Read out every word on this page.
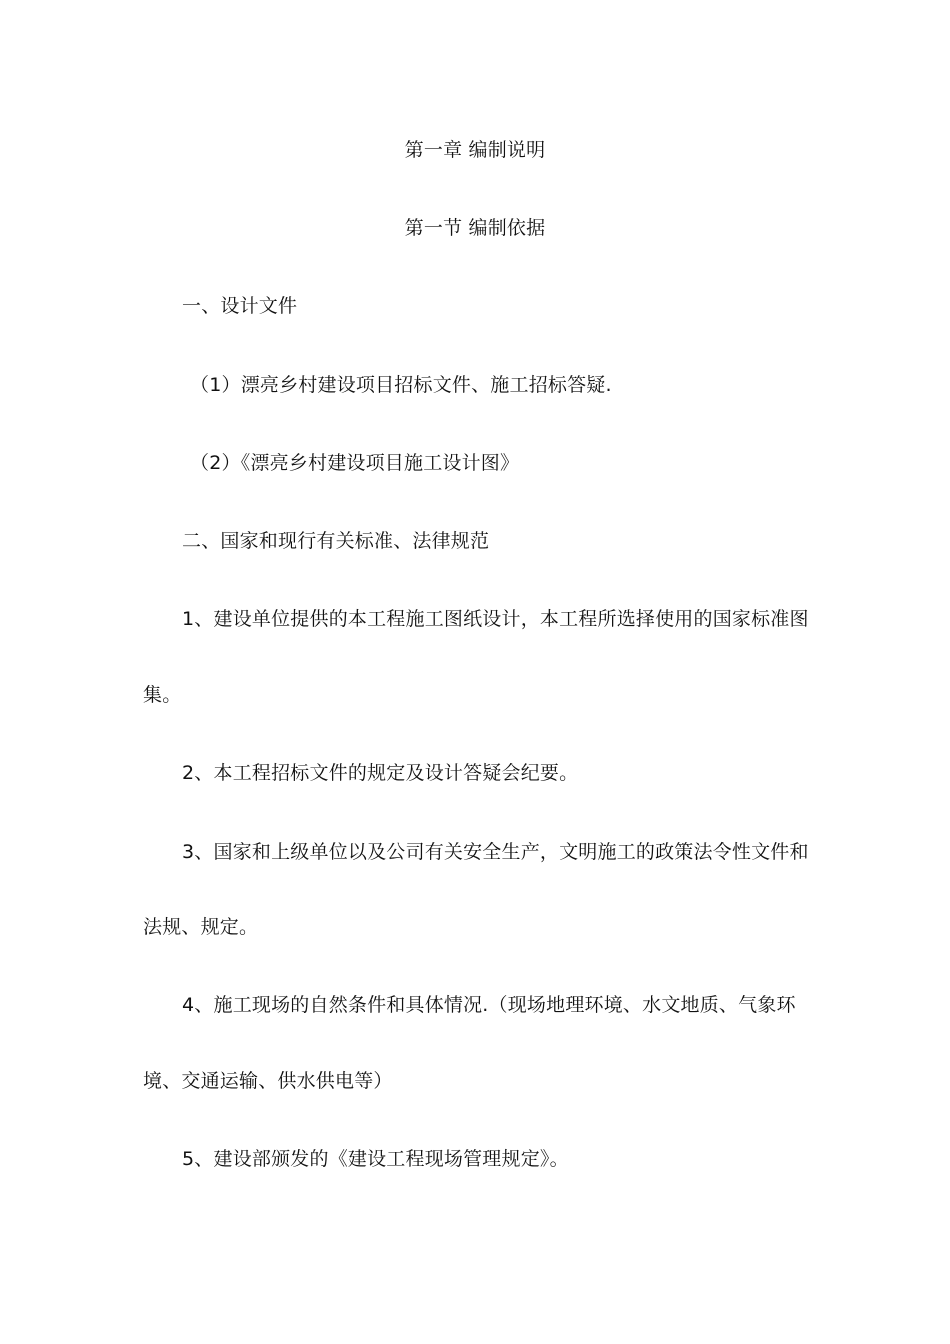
第一章 编制说明
第一节 编制依据
一、设计文件
（1）漂亮乡村建设项目招标文件、施工招标答疑.
（2）《漂亮乡村建设项目施工设计图》
二、国家和现行有关标准、法律规范
1、建设单位提供的本工程施工图纸设计，本工程所选择使用的国家标准图
集。
2、本工程招标文件的规定及设计答疑会纪要。
3、国家和上级单位以及公司有关安全生产，文明施工的政策法令性文件和
法规、规定。
4、施工现场的自然条件和具体情况.（现场地理环境、水文地质、气象环
境、交通运输、供水供电等）
5、建设部颁发的《建设工程现场管理规定》。
